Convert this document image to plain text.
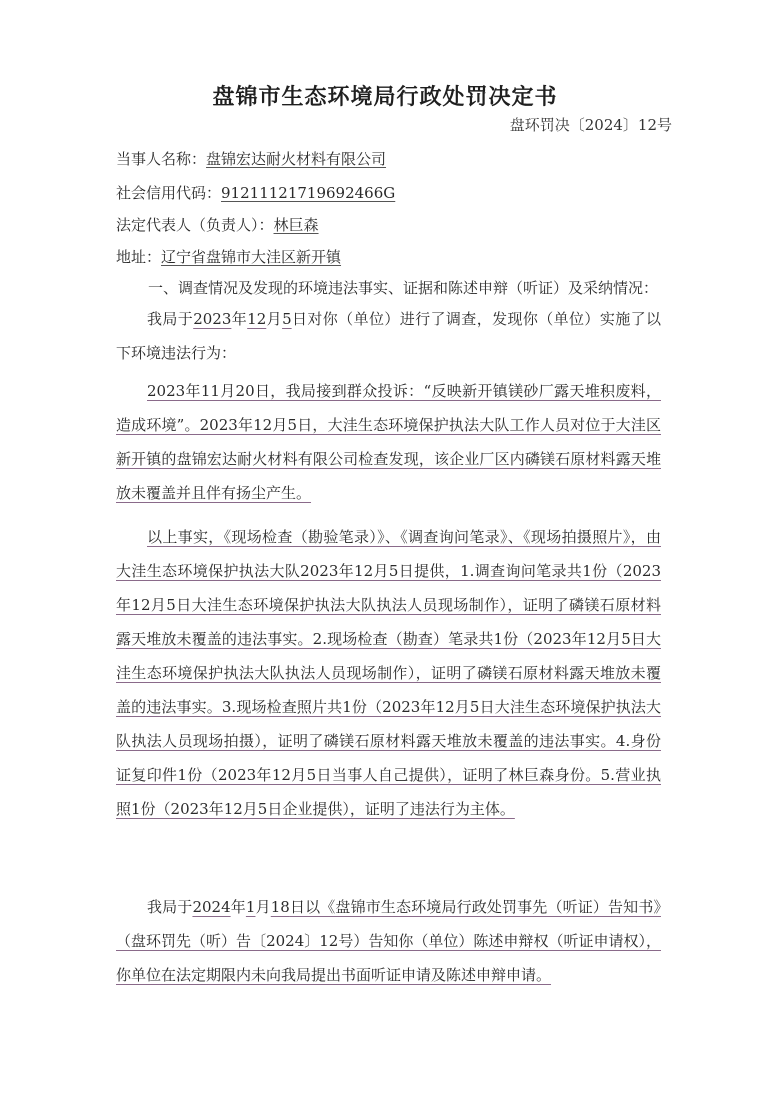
盘锦市生态环境局行政处罚决定书
盘环罚决〔2024〕12号
当事人名称：盘锦宏达耐火材料有限公司
社会信用代码：91211121719692466G
法定代表人（负责人）：林巨森
地址：辽宁省盘锦市大洼区新开镇
一、调查情况及发现的环境违法事实、证据和陈述申辩（听证）及采纳情况：
我局于2023年12月5日对你（单位）进行了调查，发现你（单位）实施了以下环境违法行为：
2023年11月20日，我局接到群众投诉：“反映新开镇镁砂厂露天堆积废料，造成环境”。2023年12月5日，大洼生态环境保护执法大队工作人员对位于大洼区新开镇的盘锦宏达耐火材料有限公司检查发现，该企业厂区内磷镁石原材料露天堆放未覆盖并且伴有扬尘产生。
以上事实，《现场检查（勘验笔录）》、《调查询问笔录》、《现场拍摄照片》，由大洼生态环境保护执法大队2023年12月5日提供，1.调查询问笔录共1份（2023年12月5日大洼生态环境保护执法大队执法人员现场制作），证明了磷镁石原材料露天堆放未覆盖的违法事实。2.现场检查（勘查）笔录共1份（2023年12月5日大洼生态环境保护执法大队执法人员现场制作），证明了磷镁石原材料露天堆放未覆盖的违法事实。3.现场检查照片共1份（2023年12月5日大洼生态环境保护执法大队执法人员现场拍摄），证明了磷镁石原材料露天堆放未覆盖的违法事实。4.身份证复印件1份（2023年12月5日当事人自己提供），证明了林巨森身份。5.营业执照1份（2023年12月5日企业提供），证明了违法行为主体。
我局于2024年1月18日以《盘锦市生态环境局行政处罚事先（听证）告知书》（盘环罚先（听）告〔2024〕12号）告知你（单位）陈述申辩权（听证申请权），你单位在法定期限内未向我局提出书面听证申请及陈述申辩申请。
